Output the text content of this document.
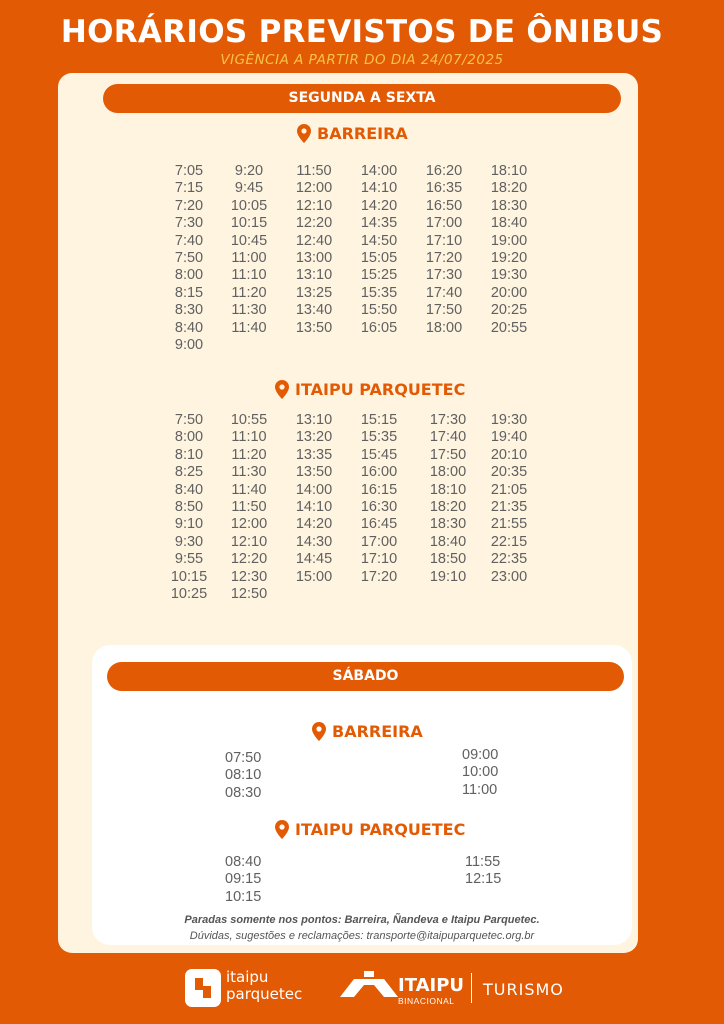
HORÁRIOS PREVISTOS DE ÔNIBUS
VIGÊNCIA A PARTIR DO DIA 24/07/2025
SEGUNDA A SEXTA
BARREIRA
7:05
7:15
7:20
7:30
7:40
7:50
8:00
8:15
8:30
8:40
9:00
9:20
9:45
10:05
10:15
10:45
11:00
11:10
11:20
11:30
11:40
11:50
12:00
12:10
12:20
12:40
13:00
13:10
13:25
13:40
13:50
14:00
14:10
14:20
14:35
14:50
15:05
15:25
15:35
15:50
16:05
16:20
16:35
16:50
17:00
17:10
17:20
17:30
17:40
17:50
18:00
18:10
18:20
18:30
18:40
19:00
19:20
19:30
20:00
20:25
20:55
ITAIPU PARQUETEC
7:50
8:00
8:10
8:25
8:40
8:50
9:10
9:30
9:55
10:15
10:25
10:55
11:10
11:20
11:30
11:40
11:50
12:00
12:10
12:20
12:30
12:50
13:10
13:20
13:35
13:50
14:00
14:10
14:20
14:30
14:45
15:00
15:15
15:35
15:45
16:00
16:15
16:30
16:45
17:00
17:10
17:20
17:30
17:40
17:50
18:00
18:10
18:20
18:30
18:40
18:50
19:10
19:30
19:40
20:10
20:35
21:05
21:35
21:55
22:15
22:35
23:00
SÁBADO
BARREIRA
07:50
08:10
08:30
09:00
10:00
11:00
ITAIPU PARQUETEC
08:40
09:15
10:15
11:55
12:15
Paradas somente nos pontos: Barreira, Ñandeva e Itaipu Parquetec.
Dúvidas, sugestões e reclamações: transporte@itaipuparquetec.org.br
itaipu
parquetec	ITAIPU
BINACIONAL
TURISMO
